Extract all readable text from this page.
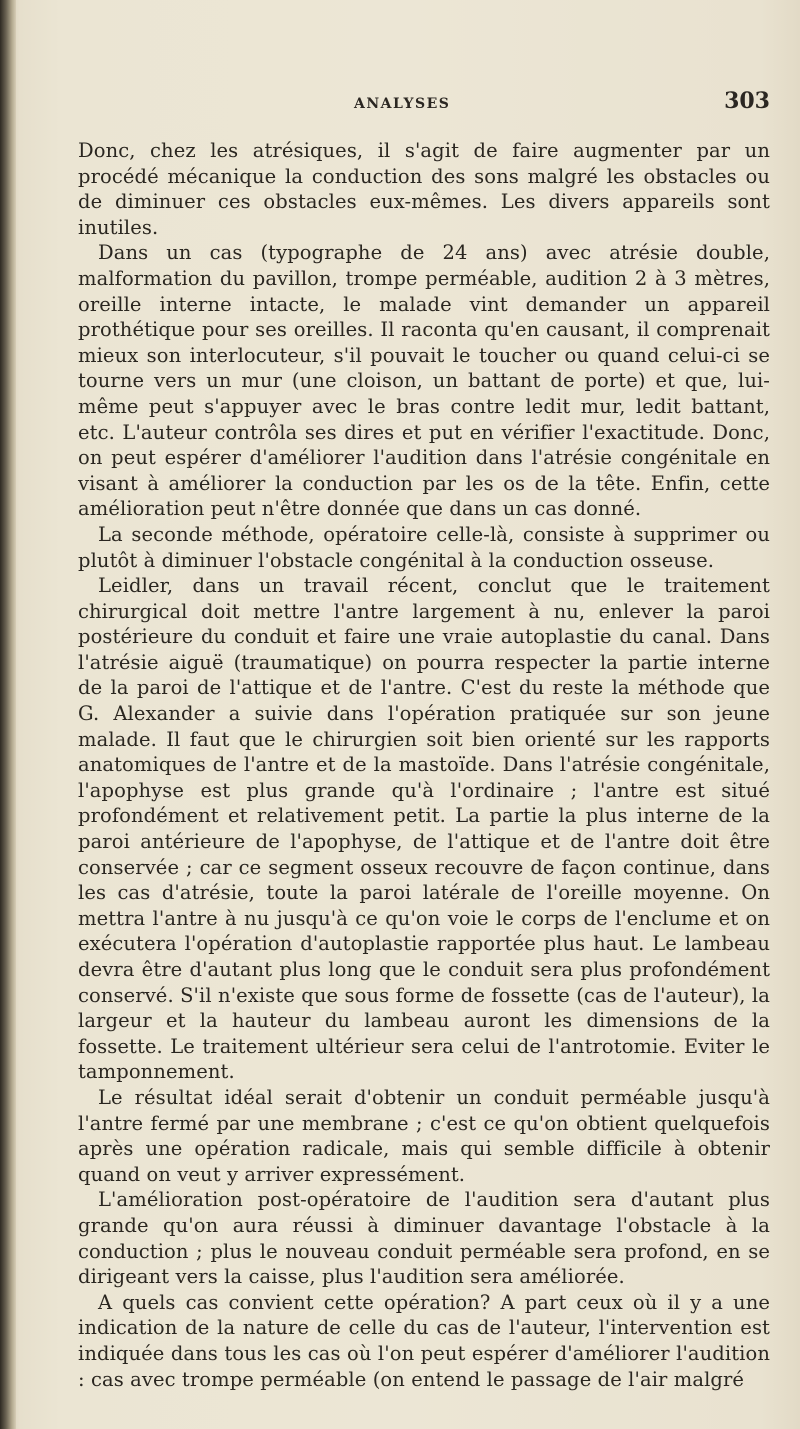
ANALYSES	303

Donc, chez les atrésiques, il s'agit de faire augmenter par un procédé mécanique la conduction des sons malgré les obstacles ou de diminuer ces obstacles eux-mêmes. Les divers appareils sont inutiles.

Dans un cas (typographe de 24 ans) avec atrésie double, malformation du pavillon, trompe perméable, audition 2 à 3 mètres, oreille interne intacte, le malade vint demander un appareil prothétique pour ses oreilles. Il raconta qu'en causant, il comprenait mieux son interlocuteur, s'il pouvait le toucher ou quand celui-ci se tourne vers un mur (une cloison, un battant de porte) et que, lui-même peut s'appuyer avec le bras contre ledit mur, ledit battant, etc. L'auteur contrôla ses dires et put en vérifier l'exactitude. Donc, on peut espérer d'améliorer l'audition dans l'atrésie congénitale en visant à améliorer la conduction par les os de la tête. Enfin, cette amélioration peut n'être donnée que dans un cas donné.

La seconde méthode, opératoire celle-là, consiste à supprimer ou plutôt à diminuer l'obstacle congénital à la conduction osseuse.

Leidler, dans un travail récent, conclut que le traitement chirurgical doit mettre l'antre largement à nu, enlever la paroi postérieure du conduit et faire une vraie autoplastie du canal. Dans l'atrésie aiguë (traumatique) on pourra respecter la partie interne de la paroi de l'attique et de l'antre. C'est du reste la méthode que G. Alexander a suivie dans l'opération pratiquée sur son jeune malade. Il faut que le chirurgien soit bien orienté sur les rapports anatomiques de l'antre et de la mastoïde. Dans l'atrésie congénitale, l'apophyse est plus grande qu'à l'ordinaire ; l'antre est situé profondément et relativement petit. La partie la plus interne de la paroi antérieure de l'apophyse, de l'attique et de l'antre doit être conservée ; car ce segment osseux recouvre de façon continue, dans les cas d'atrésie, toute la paroi latérale de l'oreille moyenne. On mettra l'antre à nu jusqu'à ce qu'on voie le corps de l'enclume et on exécutera l'opération d'autoplastie rapportée plus haut. Le lambeau devra être d'autant plus long que le conduit sera plus profondément conservé. S'il n'existe que sous forme de fossette (cas de l'auteur), la largeur et la hauteur du lambeau auront les dimensions de la fossette. Le traitement ultérieur sera celui de l'antrotomie. Eviter le tamponnement.

Le résultat idéal serait d'obtenir un conduit perméable jusqu'à l'antre fermé par une membrane ; c'est ce qu'on obtient quelquefois après une opération radicale, mais qui semble difficile à obtenir quand on veut y arriver expressément.

L'amélioration post-opératoire de l'audition sera d'autant plus grande qu'on aura réussi à diminuer davantage l'obstacle à la conduction ; plus le nouveau conduit perméable sera profond, en se dirigeant vers la caisse, plus l'audition sera améliorée.

A quels cas convient cette opération? A part ceux où il y a une indication de la nature de celle du cas de l'auteur, l'intervention est indiquée dans tous les cas où l'on peut espérer d'améliorer l'audition : cas avec trompe perméable (on entend le passage de l'air malgré
